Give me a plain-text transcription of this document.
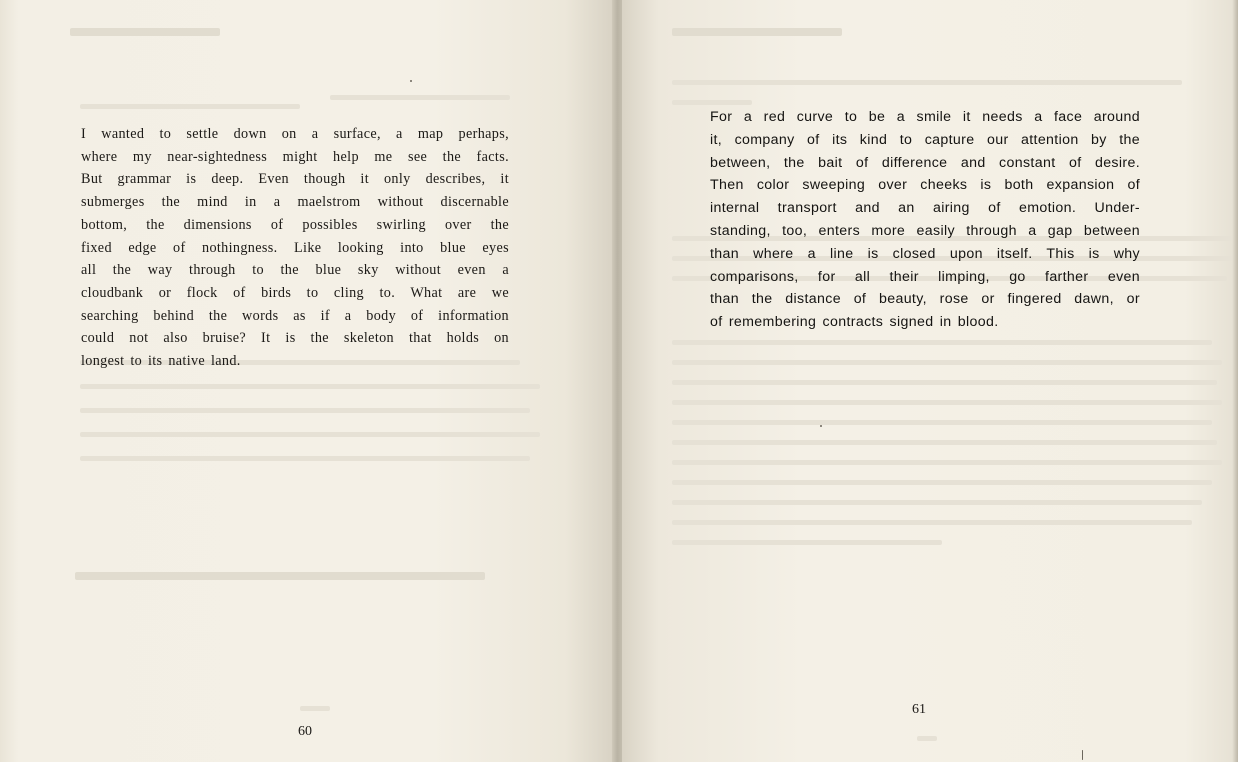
I wanted to settle down on a surface, a map perhaps,
where my near-sightedness might help me see the facts.
But grammar is deep. Even though it only describes, it
submerges the mind in a maelstrom without discernable
bottom, the dimensions of possibles swirling over the
fixed edge of nothingness. Like looking into blue eyes
all the way through to the blue sky without even a
cloudbank or flock of birds to cling to. What are we
searching behind the words as if a body of information
could not also bruise? It is the skeleton that holds on
longest to its native land.
60
For a red curve to be a smile it needs a face around
it, company of its kind to capture our attention by the
between, the bait of difference and constant of desire.
Then color sweeping over cheeks is both expansion of
internal transport and an airing of emotion. Under-
standing, too, enters more easily through a gap between
than where a line is closed upon itself. This is why
comparisons, for all their limping, go farther even
than the distance of beauty, rose or fingered dawn, or
of remembering contracts signed in blood.
61
